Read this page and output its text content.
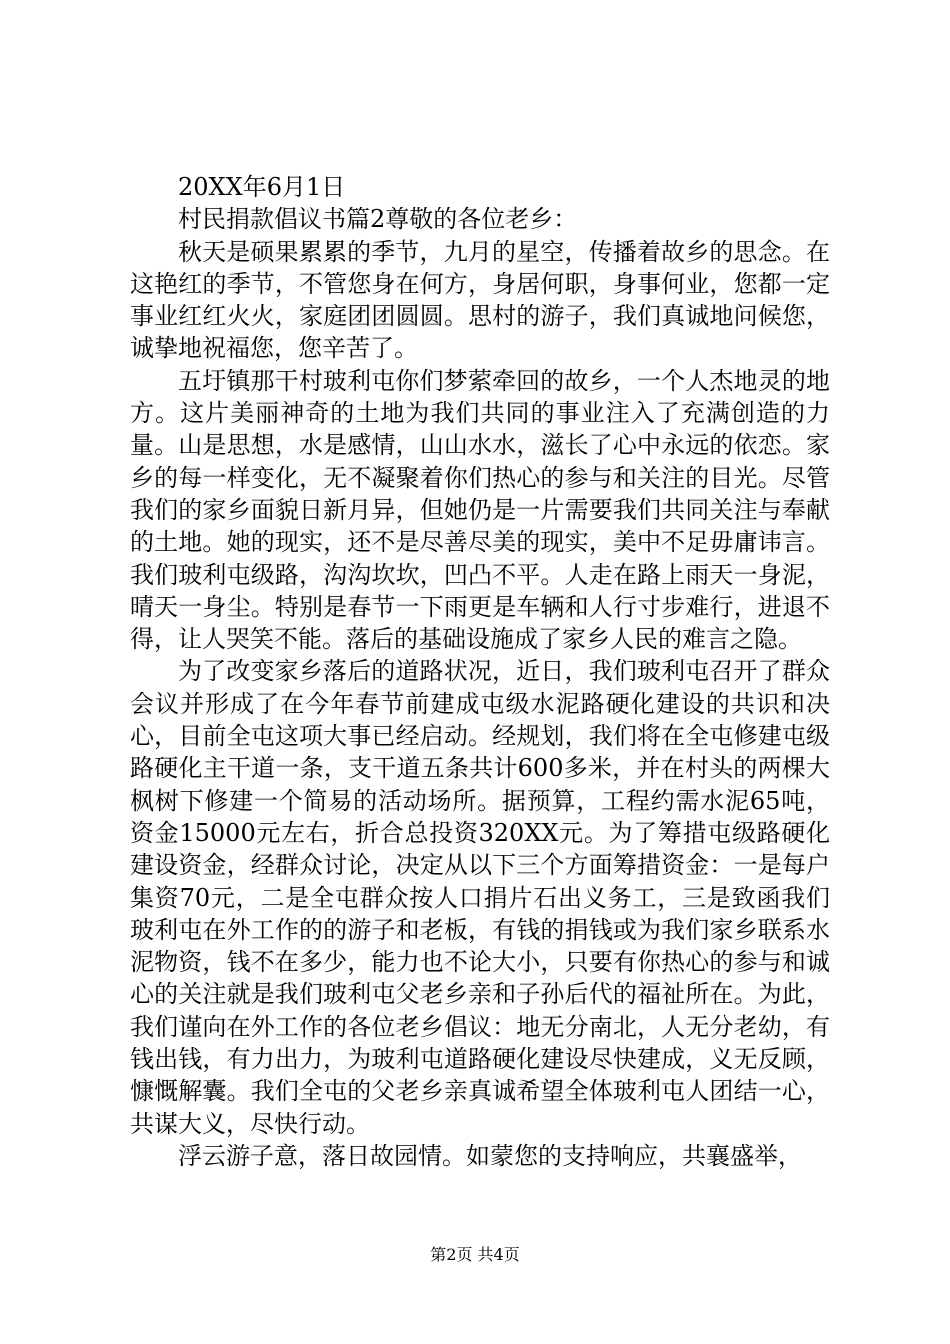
20XX年6月1日

村民捐款倡议书篇2尊敬的各位老乡：

秋天是硕果累累的季节，九月的星空，传播着故乡的思念。在这艳红的季节，不管您身在何方，身居何职，身事何业，您都一定事业红红火火，家庭团团圆圆。思村的游子，我们真诚地问候您，诚挚地祝福您，您辛苦了。

五圩镇那干村玻利屯你们梦萦牵回的故乡，一个人杰地灵的地方。这片美丽神奇的土地为我们共同的事业注入了充满创造的力量。山是思想，水是感情，山山水水，滋长了心中永远的依恋。家乡的每一样变化，无不凝聚着你们热心的参与和关注的目光。尽管我们的家乡面貌日新月异，但她仍是一片需要我们共同关注与奉献的土地。她的现实，还不是尽善尽美的现实，美中不足毋庸讳言。我们玻利屯级路，沟沟坎坎，凹凸不平。人走在路上雨天一身泥，晴天一身尘。特别是春节一下雨更是车辆和人行寸步难行，进退不得，让人哭笑不能。落后的基础设施成了家乡人民的难言之隐。

为了改变家乡落后的道路状况，近日，我们玻利屯召开了群众会议并形成了在今年春节前建成屯级水泥路硬化建设的共识和决心，目前全屯这项大事已经启动。经规划，我们将在全屯修建屯级路硬化主干道一条，支干道五条共计600多米，并在村头的两棵大枫树下修建一个简易的活动场所。据预算，工程约需水泥65吨，资金15000元左右，折合总投资320XX元。为了筹措屯级路硬化建设资金，经群众讨论，决定从以下三个方面筹措资金：一是每户集资70元，二是全屯群众按人口捐片石出义务工，三是致函我们玻利屯在外工作的的游子和老板，有钱的捐钱或为我们家乡联系水泥物资，钱不在多少，能力也不论大小，只要有你热心的参与和诚心的关注就是我们玻利屯父老乡亲和子孙后代的福祉所在。为此，我们谨向在外工作的各位老乡倡议：地无分南北，人无分老幼，有钱出钱，有力出力，为玻利屯道路硬化建设尽快建成，义无反顾，慷慨解囊。我们全屯的父老乡亲真诚希望全体玻利屯人团结一心，共谋大义，尽快行动。

浮云游子意，落日故园情。如蒙您的支持响应，共襄盛举，

第2页 共4页
